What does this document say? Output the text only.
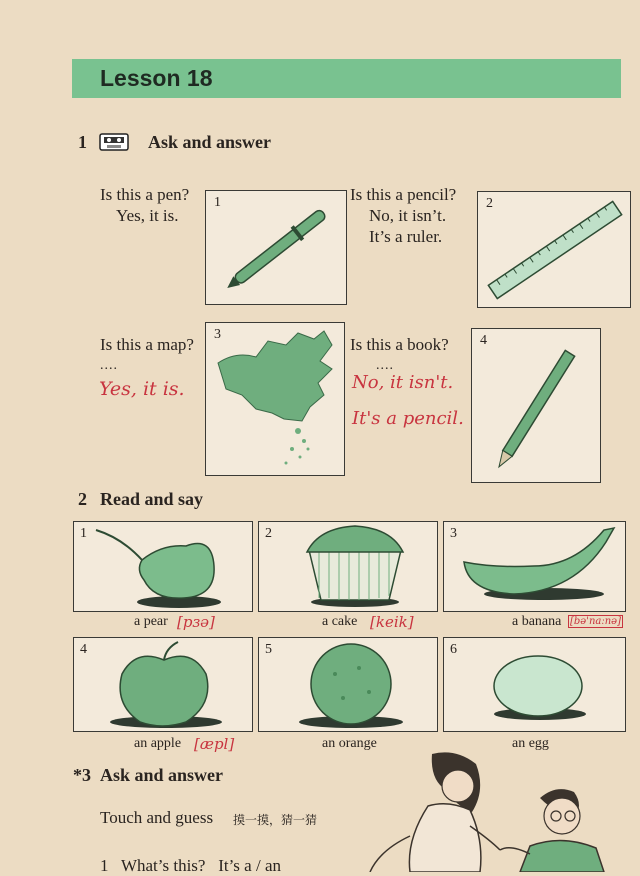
Lesson 18
1	Ask and answer
Is this a pen?
Yes, it is.
1	Is this a pencil?
No, it isn’t.
It’s a ruler.
2
Is this a map?
....
Yes, it is.
3
Is this a book?
....
No, it isn't.
It's a pencil.
4
2 Read and say
1	2	3
a pear [pɜə]	a cake [keik]	a banana [bə'naːnə]
4	5	6
an apple [æpl]	an orange	an egg
*3 Ask and answer
Touch and guess 摸一摸，猜一猜
1   What’s this?   It’s a / an
